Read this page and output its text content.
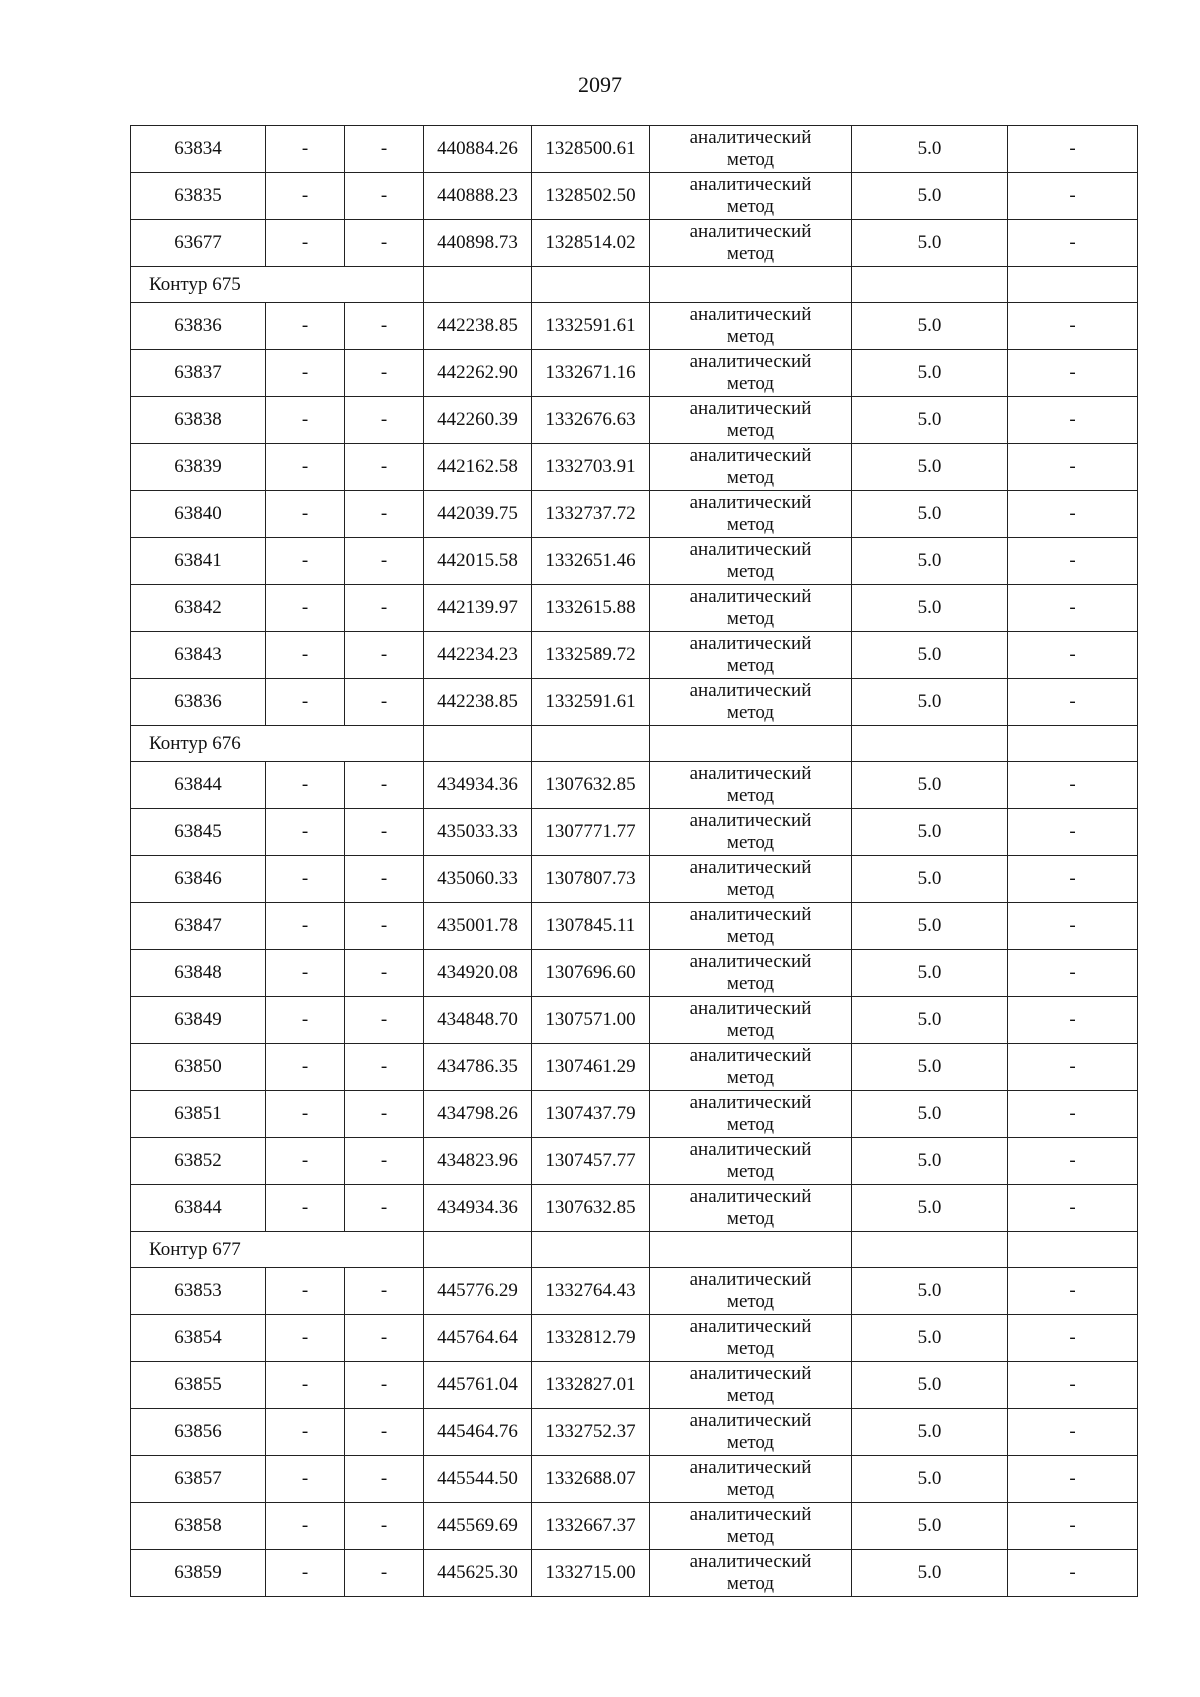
2097
63834	-	-	440884.26	1328500.61	аналитический
метод	5.0	-
63835	-	-	440888.23	1328502.50	аналитический
метод	5.0	-
63677	-	-	440898.73	1328514.02	аналитический
метод	5.0	-
Контур 675							
63836	-	-	442238.85	1332591.61	аналитический
метод	5.0	-
63837	-	-	442262.90	1332671.16	аналитический
метод	5.0	-
63838	-	-	442260.39	1332676.63	аналитический
метод	5.0	-
63839	-	-	442162.58	1332703.91	аналитический
метод	5.0	-
63840	-	-	442039.75	1332737.72	аналитический
метод	5.0	-
63841	-	-	442015.58	1332651.46	аналитический
метод	5.0	-
63842	-	-	442139.97	1332615.88	аналитический
метод	5.0	-
63843	-	-	442234.23	1332589.72	аналитический
метод	5.0	-
63836	-	-	442238.85	1332591.61	аналитический
метод	5.0	-
Контур 676							
63844	-	-	434934.36	1307632.85	аналитический
метод	5.0	-
63845	-	-	435033.33	1307771.77	аналитический
метод	5.0	-
63846	-	-	435060.33	1307807.73	аналитический
метод	5.0	-
63847	-	-	435001.78	1307845.11	аналитический
метод	5.0	-
63848	-	-	434920.08	1307696.60	аналитический
метод	5.0	-
63849	-	-	434848.70	1307571.00	аналитический
метод	5.0	-
63850	-	-	434786.35	1307461.29	аналитический
метод	5.0	-
63851	-	-	434798.26	1307437.79	аналитический
метод	5.0	-
63852	-	-	434823.96	1307457.77	аналитический
метод	5.0	-
63844	-	-	434934.36	1307632.85	аналитический
метод	5.0	-
Контур 677							
63853	-	-	445776.29	1332764.43	аналитический
метод	5.0	-
63854	-	-	445764.64	1332812.79	аналитический
метод	5.0	-
63855	-	-	445761.04	1332827.01	аналитический
метод	5.0	-
63856	-	-	445464.76	1332752.37	аналитический
метод	5.0	-
63857	-	-	445544.50	1332688.07	аналитический
метод	5.0	-
63858	-	-	445569.69	1332667.37	аналитический
метод	5.0	-
63859	-	-	445625.30	1332715.00	аналитический
метод	5.0	-
